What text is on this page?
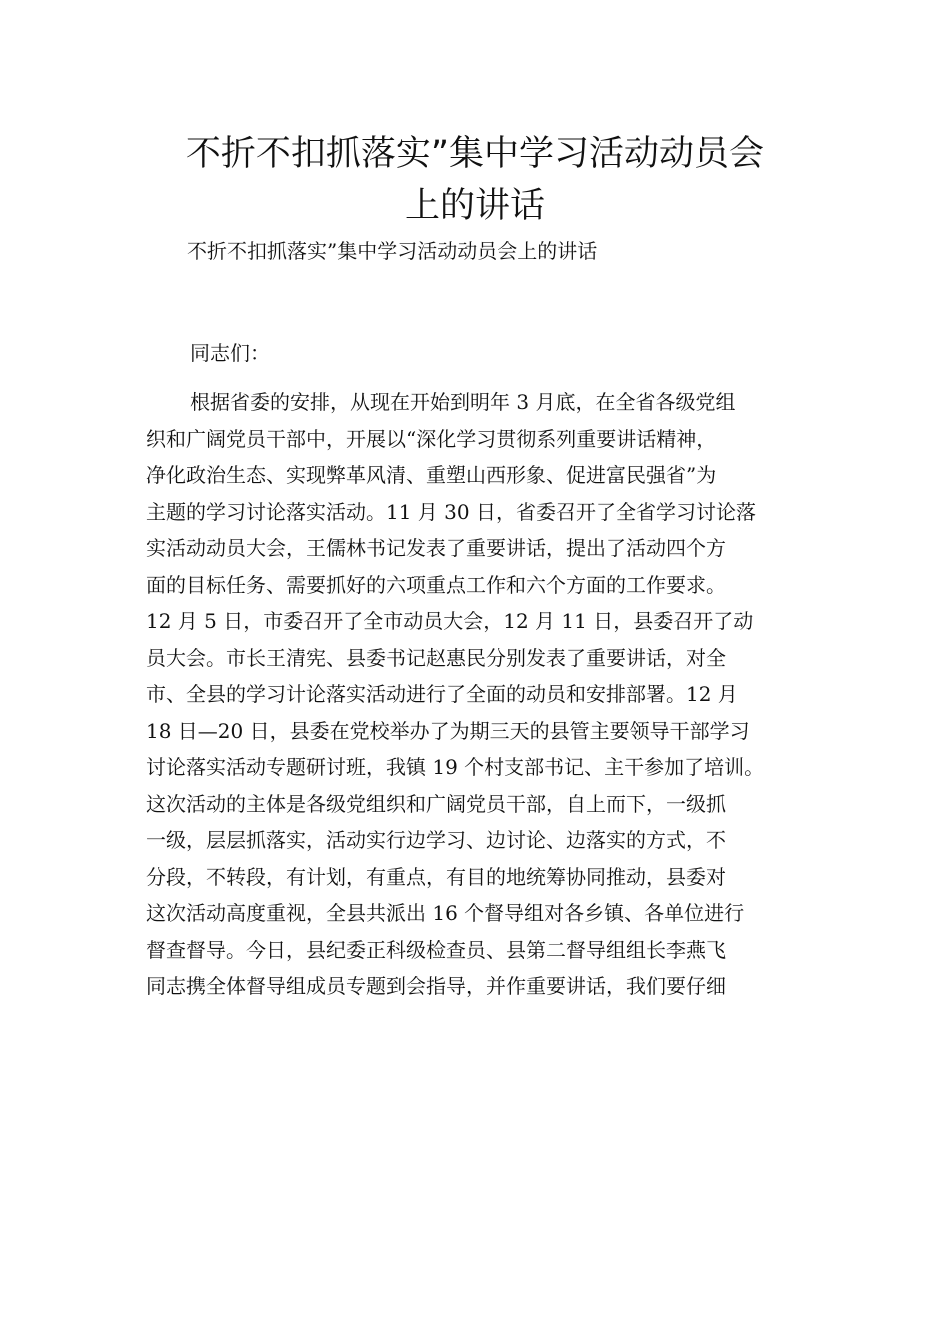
不折不扣抓落实”集中学习活动动员会
上的讲话
不折不扣抓落实”集中学习活动动员会上的讲话
同志们：
根据省委的安排，从现在开始到明年 3 月底，在全省各级党组
织和广阔党员干部中，开展以“深化学习贯彻系列重要讲话精神，
净化政治生态、实现弊革风清、重塑山西形象、促进富民强省”为
主题的学习讨论落实活动。11 月 30 日，省委召开了全省学习讨论落
实活动动员大会，王儒林书记发表了重要讲话，提出了活动四个方
面的目标任务、需要抓好的六项重点工作和六个方面的工作要求。
12 月 5 日，市委召开了全市动员大会，12 月 11 日，县委召开了动
员大会。市长王清宪、县委书记赵惠民分别发表了重要讲话，对全
市、全县的学习计论落实活动进行了全面的动员和安排部署。12 月
18 日—20 日，县委在党校举办了为期三天的县管主要领导干部学习
讨论落实活动专题研讨班，我镇 19 个村支部书记、主干参加了培训。
这次活动的主体是各级党组织和广阔党员干部，自上而下，一级抓
一级，层层抓落实，活动实行边学习、边讨论、边落实的方式，不
分段，不转段，有计划，有重点，有目的地统筹协同推动，县委对
这次活动高度重视，全县共派出 16 个督导组对各乡镇、各单位进行
督查督导。今日，县纪委正科级检查员、县第二督导组组长李燕飞
同志携全体督导组成员专题到会指导，并作重要讲话，我们要仔细
